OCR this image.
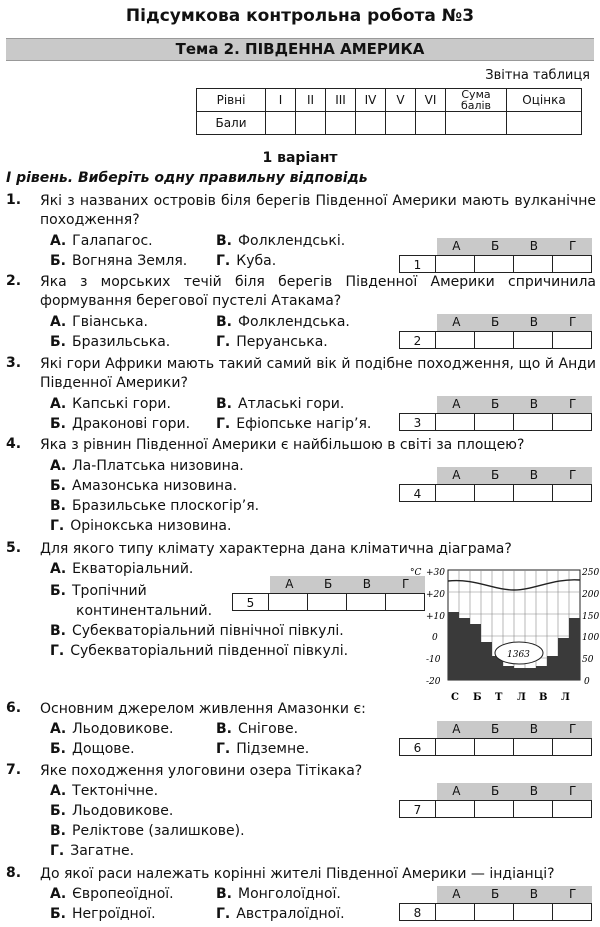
Підсумкова контрольна робота №3
Тема 2. ПІВДЕННА АМЕРИКА
Звітна таблиця
Рівні	I	II	III	IV	V	VI	Сума балів	Оцінка
Бали								
1 варіант
І рівень. Виберіть одну правильну відповідь
1. Які з названих островів біля берегів Південної Америки мають вулканічне походження?
А. Галапагос.	В. Фолклендські.
Б. Вогняна Земля. Г. Куба.
А	Б	В	Г
1
2. Яка з морських течій біля берегів Південної Америки спричинила формування берегової пустелі Атакама?
А. Гвіанська.	В. Фолклендська.
Б. Бразильська.	Г. Перуанська.
А	Б	В	Г
2
3. Які гори Африки мають такий самий вік й подібне походження, що й Анди Південної Америки?
А. Капські гори.	В. Атлаські гори.
Б. Драконові гори. Г. Ефіопське нагір’я.
А	Б	В	Г
3
4. Яка з рівнин Південної Америки є найбільшою в світі за площею?
А. Ла-Платська низовина.
Б. Амазонська низовина.
В. Бразильське плоскогір’я.
Г. Орінокська низовина.
А	Б	В	Г
4
5. Для якого типу клімату характерна дана кліматична діаграма?
А. Екваторіальний.
Б. Тропічний континентальний.
В. Субекваторіальний північної півкулі.
Г. Субекваторіальний південної півкулі.
А	Б	В	Г
5
°C +30
+20
+10
0
-10
-20
250
200
150
100
50
0
1363
С Б Т Л В Л
6. Основним джерелом живлення Амазонки є:
А. Льодовикове.	В. Снігове.
Б. Дощове.	Г. Підземне.
А	Б	В	Г
6
7. Яке походження улоговини озера Тітікака?
А. Тектонічне.
Б. Льодовикове.
В. Реліктове (залишкове).
Г. Загатне.
А	Б	В	Г
7
8. До якої раси належать корінні жителі Південної Америки — індіанці?
А. Європеоїдної.	В. Монголоїдної.
Б. Негроїдної.	Г. Австралоїдної.
А	Б	В	Г
8
